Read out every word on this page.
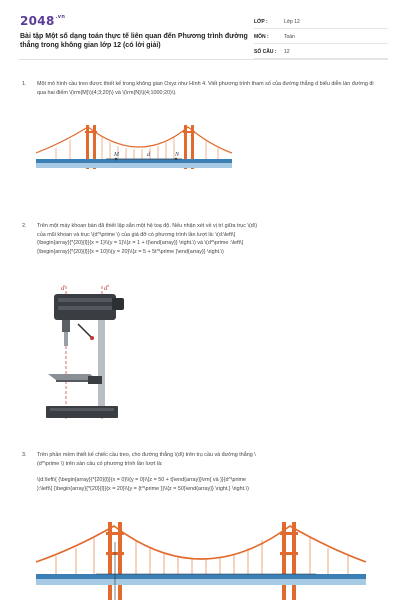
$2048^{.vn}$
Bài tập Một số dạng toán thực tế liên quan đến Phương trình đường thẳng trong không gian lớp 12 (có lời giải)
LỚP :	Lớp 12
MÔN :	Toán
SỐ CÂU :	12
1. Một mô hình cầu treo được thiết kế trong không gian Oxyz như Hình 4. Viết phương trình tham số của đường thẳng d biểu diễn làn đường đi qua hai điểm \(\rm{M}\)(4;3;20)\) và \(\rm{N}\)(4;1000;20)\).
M	d	N
2. Trên một máy khoan bàn đã thiết lập sẵn một hệ toạ độ. Nếu nhận xét về vị trí giữa trục \(d\)
của mũi khoan và trục \(d^\prime \) của giá đỡ có phương trình lần lượt là: \(d:\left\{
{\begin{array}{*{20}{l}}{x = 1}\\{y = 1}\\{z = 1 + t}\end{array}} \right.\) và \(d^\prime :\left\{
{\begin{array}{*{20}{l}}{x = 10}\\{y = 20}\\{z = 5 + 5t^\prime }\end{array}} \right.\)
d	d'
3. Trên phần mềm thiết kế chiếc cầu treo, cho đường thẳng \(d\) trên trụ cầu và đường thẳng \
(d^\prime \) trên sàn cầu có phương trình lần lượt là:
\(d:\left\{ {\begin{array}{*{20}{l}}{x = 0}\\{y = 0}\\{z = 50 + t}\end{array}}\rm{ và }}{d^\prime
}:\left\{ {\begin{array}{*{20}{l}}{x = 20}\\{y = {t^\prime }}\\{z = 50}\end{array}} \right.} \right.\)
